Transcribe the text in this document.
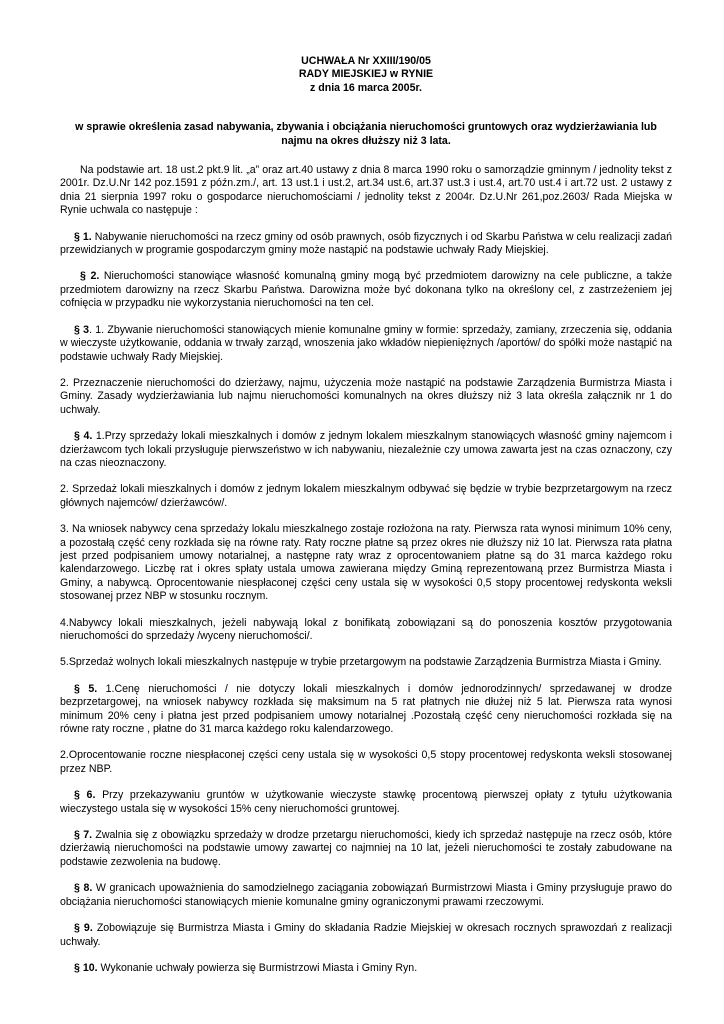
UCHWAŁA Nr XXIII/190/05
RADY MIEJSKIEJ w RYNIE
z dnia 16 marca 2005r.
w sprawie określenia zasad nabywania, zbywania i obciążania nieruchomości gruntowych oraz wydzierżawiania lub najmu na okres dłuższy niż 3 lata.

Na podstawie art. 18 ust.2 pkt.9 lit. „a” oraz art.40 ustawy z dnia 8 marca 1990 roku o samorządzie gminnym / jednolity tekst z 2001r. Dz.U.Nr 142 poz.1591 z późn.zm./, art. 13 ust.1 i ust.2, art.34 ust.6, art.37 ust.3 i ust.4, art.70 ust.4 i art.72 ust. 2 ustawy z dnia 21 sierpnia 1997 roku o gospodarce nieruchomościami / jednolity tekst z 2004r. Dz.U.Nr 261,poz.2603/ Rada Miejska w Rynie uchwala co następuje :

§ 1. Nabywanie nieruchomości na rzecz gminy od osób prawnych, osób fizycznych i od Skarbu Państwa w celu realizacji zadań przewidzianych w programie gospodarczym gminy może nastąpić na podstawie uchwały Rady Miejskiej.

§ 2. Nieruchomości stanowiące własność komunalną gminy mogą być przedmiotem darowizny na cele publiczne, a także przedmiotem darowizny na rzecz Skarbu Państwa. Darowizna może być dokonana tylko na określony cel, z zastrzeżeniem jej cofnięcia w przypadku nie wykorzystania nieruchomości na ten cel.

§ 3. 1. Zbywanie nieruchomości stanowiących mienie komunalne gminy w formie: sprzedaży, zamiany, zrzeczenia się, oddania w wieczyste użytkowanie, oddania w trwały zarząd, wnoszenia jako wkładów niepieniężnych /aportów/ do spółki może nastąpić na podstawie uchwały Rady Miejskiej.

2. Przeznaczenie nieruchomości do dzierżawy, najmu, użyczenia może nastąpić na podstawie Zarządzenia Burmistrza Miasta i Gminy. Zasady wydzierżawiania lub najmu nieruchomości komunalnych na okres dłuższy niż 3 lata określa załącznik nr 1 do uchwały.

§ 4. 1.Przy sprzedaży lokali mieszkalnych i domów z jednym lokalem mieszkalnym stanowiących własność gminy najemcom i dzierżawcom tych lokali przysługuje pierwszeństwo w ich nabywaniu, niezależnie czy umowa zawarta jest na czas oznaczony, czy na czas nieoznaczony.

2. Sprzedaż lokali mieszkalnych i domów z jednym lokalem mieszkalnym odbywać się będzie w trybie bezprzetargowym na rzecz głównych najemców/ dzierżawców/.

3. Na wniosek nabywcy cena sprzedaży lokalu mieszkalnego zostaje rozłożona na raty. Pierwsza rata wynosi minimum 10% ceny, a pozostałą część ceny rozkłada się na równe raty. Raty roczne płatne są przez okres nie dłuższy niż 10 lat. Pierwsza rata płatna jest przed podpisaniem umowy notarialnej, a następne raty wraz z oprocentowaniem płatne są do 31 marca każdego roku kalendarzowego. Liczbę rat i okres spłaty ustala umowa zawierana między Gminą reprezentowaną przez Burmistrza Miasta i Gminy, a nabywcą. Oprocentowanie niespłaconej części ceny ustala się w wysokości 0,5 stopy procentowej redyskonta weksli stosowanej przez NBP w stosunku rocznym.

4.Nabywcy lokali mieszkalnych, jeżeli nabywają lokal z bonifikatą zobowiązani są do ponoszenia kosztów przygotowania nieruchomości do sprzedaży /wyceny nieruchomości/.

5.Sprzedaż wolnych lokali mieszkalnych następuje w trybie przetargowym na podstawie Zarządzenia Burmistrza Miasta i Gminy.

§ 5. 1.Cenę nieruchomości / nie dotyczy lokali mieszkalnych i domów jednorodzinnych/ sprzedawanej w drodze bezprzetargowej, na wniosek nabywcy rozkłada się maksimum na 5 rat płatnych nie dłużej niż 5 lat. Pierwsza rata wynosi minimum 20% ceny i płatna jest przed podpisaniem umowy notarialnej .Pozostałą część ceny nieruchomości rozkłada się na równe raty roczne , płatne do 31 marca każdego roku kalendarzowego.

2.Oprocentowanie roczne niespłaconej części ceny ustala się w wysokości 0,5 stopy procentowej redyskonta weksli stosowanej przez NBP.

§ 6. Przy przekazywaniu gruntów w użytkowanie wieczyste stawkę procentową pierwszej opłaty z tytułu użytkowania wieczystego ustala się w wysokości 15% ceny nieruchomości gruntowej.

§ 7. Zwalnia się z obowiązku sprzedaży w drodze przetargu nieruchomości, kiedy ich sprzedaż następuje na rzecz osób, które dzierżawią nieruchomości na podstawie umowy zawartej co najmniej na 10 lat, jeżeli nieruchomości te zostały zabudowane na podstawie zezwolenia na budowę.

§ 8. W granicach upoważnienia do samodzielnego zaciągania zobowiązań Burmistrzowi Miasta i Gminy przysługuje prawo do obciążania nieruchomości stanowiących mienie komunalne gminy ograniczonymi prawami rzeczowymi.

§ 9. Zobowiązuje się Burmistrza Miasta i Gminy do składania Radzie Miejskiej w okresach rocznych sprawozdań z realizacji uchwały.

§ 10. Wykonanie uchwały powierza się Burmistrzowi Miasta i Gminy Ryn.
